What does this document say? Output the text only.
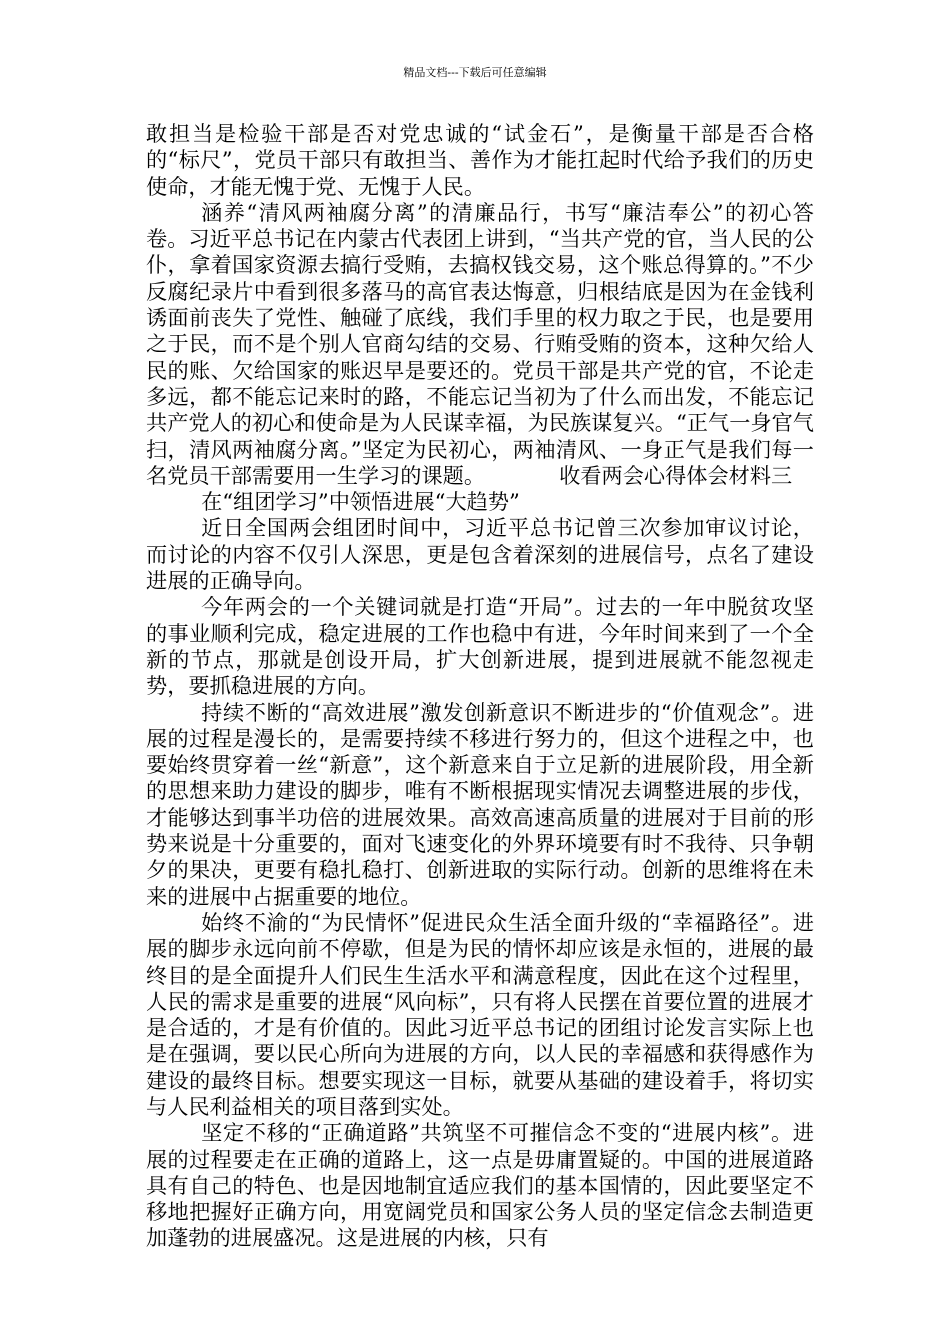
精品文档---下载后可任意编辑

敢担当是检验干部是否对党忠诚的“试金石”，是衡量干部是否合格的“标尺”，党员干部只有敢担当、善作为才能扛起时代给予我们的历史使命，才能无愧于党、无愧于人民。

涵养“清风两袖腐分离”的清廉品行，书写“廉洁奉公”的初心答卷。习近平总书记在内蒙古代表团上讲到，“当共产党的官，当人民的公仆，拿着国家资源去搞行受贿，去搞权钱交易，这个账总得算的。”不少反腐纪录片中看到很多落马的高官表达悔意，归根结底是因为在金钱利诱面前丧失了党性、触碰了底线，我们手里的权力取之于民，也是要用之于民，而不是个别人官商勾结的交易、行贿受贿的资本，这种欠给人民的账、欠给国家的账迟早是要还的。党员干部是共产党的官，不论走多远，都不能忘记来时的路，不能忘记当初为了什么而出发，不能忘记共产党人的初心和使命是为人民谋幸福，为民族谋复兴。“正气一身官气扫，清风两袖腐分离。”坚定为民初心，两袖清风、一身正气是我们每一名党员干部需要用一生学习的课题。　　　　	收看两会心得体会材料三

在“组团学习”中领悟进展“大趋势”

近日全国两会组团时间中，习近平总书记曾三次参加审议讨论，而讨论的内容不仅引人深思，更是包含着深刻的进展信号，点名了建设进展的正确导向。

今年两会的一个关键词就是打造“开局”。过去的一年中脱贫攻坚的事业顺利完成，稳定进展的工作也稳中有进，今年时间来到了一个全新的节点，那就是创设开局，扩大创新进展，提到进展就不能忽视走势，要抓稳进展的方向。

持续不断的“高效进展”激发创新意识不断进步的“价值观念”。进展的过程是漫长的，是需要持续不移进行努力的，但这个进程之中，也要始终贯穿着一丝“新意”，这个新意来自于立足新的进展阶段，用全新的思想来助力建设的脚步，唯有不断根据现实情况去调整进展的步伐，才能够达到事半功倍的进展效果。高效高速高质量的进展对于目前的形势来说是十分重要的，面对飞速变化的外界环境要有时不我待、只争朝夕的果决，更要有稳扎稳打、创新进取的实际行动。创新的思维将在未来的进展中占据重要的地位。

始终不渝的“为民情怀”促进民众生活全面升级的“幸福路径”。进展的脚步永远向前不停歇，但是为民的情怀却应该是永恒的，进展的最终目的是全面提升人们民生生活水平和满意程度，因此在这个过程里，人民的需求是重要的进展“风向标”，只有将人民摆在首要位置的进展才是合适的，才是有价值的。因此习近平总书记的团组讨论发言实际上也是在强调，要以民心所向为进展的方向，以人民的幸福感和获得感作为建设的最终目标。想要实现这一目标，就要从基础的建设着手，将切实与人民利益相关的项目落到实处。

坚定不移的“正确道路”共筑坚不可摧信念不变的“进展内核”。进展的过程要走在正确的道路上，这一点是毋庸置疑的。中国的进展道路具有自己的特色、也是因地制宜适应我们的基本国情的，因此要坚定不移地把握好正确方向，用宽阔党员和国家公务人员的坚定信念去制造更加蓬勃的进展盛况。这是进展的内核，只有
